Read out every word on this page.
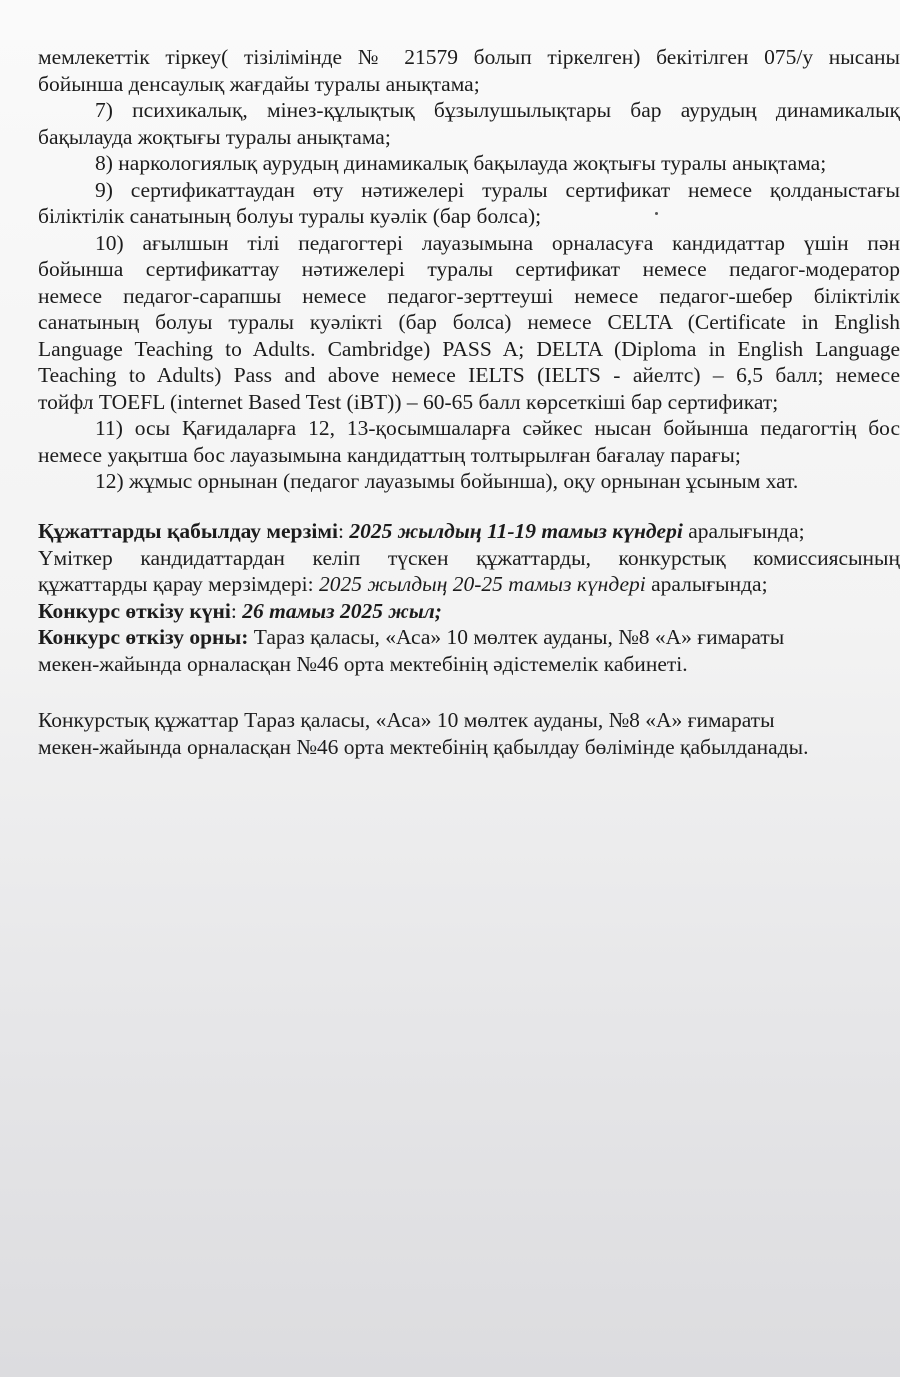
мемлекеттік тіркеу( тізілімінде № 21579 болып тіркелген) бекітілген 075/у нысаны
бойынша денсаулық жағдайы туралы анықтама;
7) психикалық, мінез-құлықтық бұзылушылықтары бар аурудың динамикалық
бақылауда жоқтығы туралы анықтама;
8) наркологиялық аурудың динамикалық бақылауда жоқтығы туралы анықтама;
9) сертификаттаудан өту нәтижелері туралы сертификат немесе қолданыстағы
біліктілік санатының болуы туралы куәлік (бар болса);
10) ағылшын тілі педагогтері лауазымына орналасуға кандидаттар үшін пән
бойынша сертификаттау нәтижелері туралы сертификат немесе педагог-модератор
немесе педагог-сарапшы немесе педагог-зерттеуші немесе педагог-шебер біліктілік
санатының болуы туралы куәлікті (бар болса) немесе CELTA (Certificate in English
Language Teaching to Adults. Cambridge) PASS A; DELTA (Diploma in English Language
Teaching to Adults) Pass and above немесе IELTS (IELTS - айелтс) – 6,5 балл; немесе
тойфл TOEFL (internet Based Test (iBT)) – 60-65 балл көрсеткіші бар сертификат;
11) осы Қағидаларға 12, 13-қосымшаларға сәйкес нысан бойынша педагогтің бос
немесе уақытша бос лауазымына кандидаттың толтырылған бағалау парағы;
12) жұмыс орнынан (педагог лауазымы бойынша), оқу орнынан ұсыным хат.
Құжаттарды қабылдау мерзімі: 2025 жылдың 11-19 тамыз күндері аралығында;
Үміткер кандидаттардан келіп түскен құжаттарды, конкурстық комиссиясының
құжаттарды қарау мерзімдері: 2025 жылдың 20-25 тамыз күндері аралығында;
Конкурс өткізу күні: 26 тамыз 2025 жыл;
Конкурс өткізу орны: Тараз қаласы, «Аса» 10 мөлтек ауданы, №8 «А» ғимараты
мекен-жайында орналасқан №46 орта мектебінің әдістемелік кабинеті.
Конкурстық құжаттар Тараз қаласы, «Аса» 10 мөлтек ауданы, №8 «А» ғимараты
мекен-жайында орналасқан №46 орта мектебінің қабылдау бөлімінде қабылданады.
